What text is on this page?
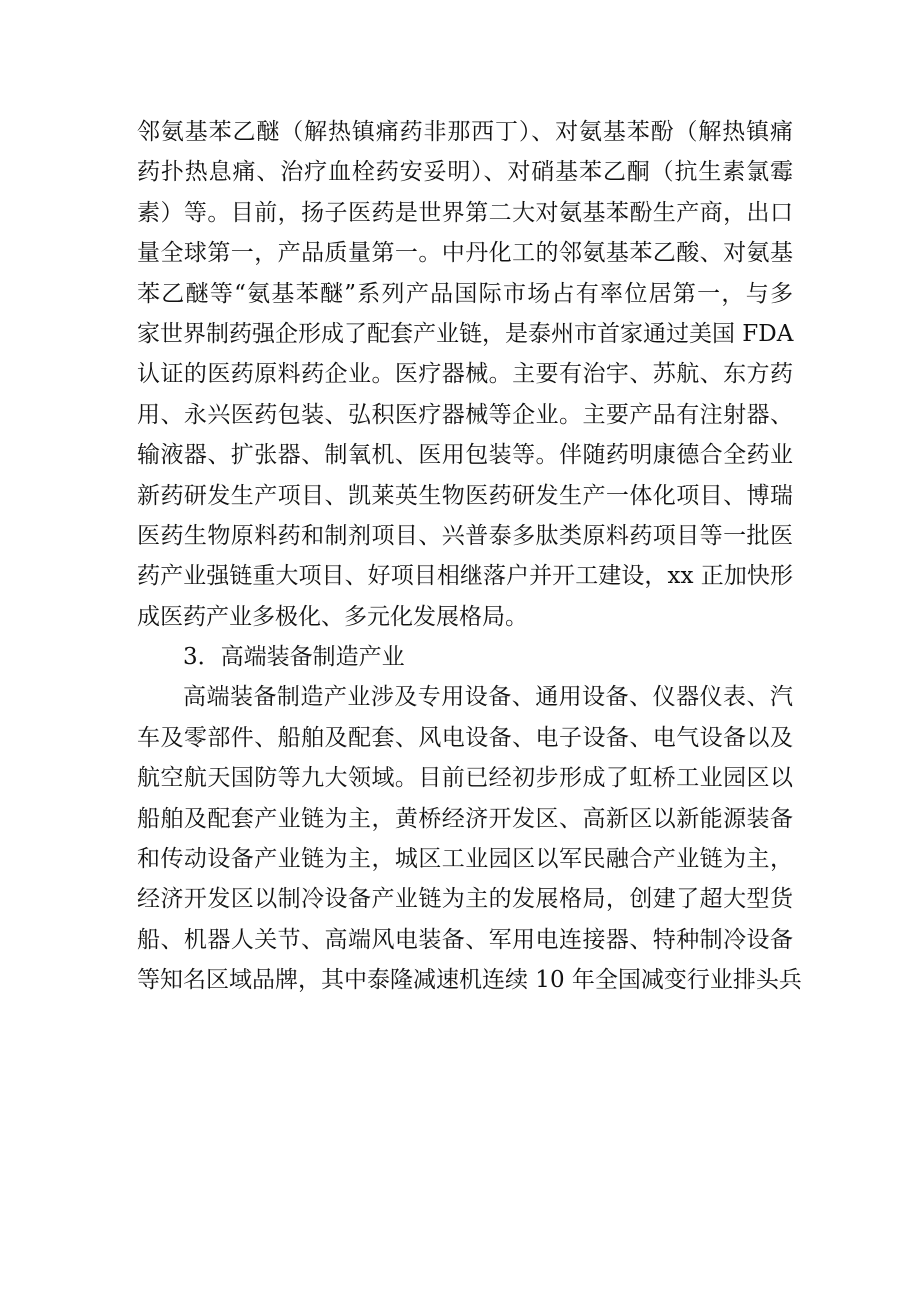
邻氨基苯乙醚（解热镇痛药非那西丁）、对氨基苯酚（解热镇痛
药扑热息痛、治疗血栓药安妥明）、对硝基苯乙酮（抗生素氯霉
素）等。目前，扬子医药是世界第二大对氨基苯酚生产商，出口
量全球第一，产品质量第一。中丹化工的邻氨基苯乙酸、对氨基
苯乙醚等“氨基苯醚”系列产品国际市场占有率位居第一，与多
家世界制药强企形成了配套产业链，是泰州市首家通过美国 FDA
认证的医药原料药企业。医疗器械。主要有治宇、苏航、东方药
用、永兴医药包装、弘积医疗器械等企业。主要产品有注射器、
输液器、扩张器、制氧机、医用包装等。伴随药明康德合全药业
新药研发生产项目、凯莱英生物医药研发生产一体化项目、博瑞
医药生物原料药和制剂项目、兴普泰多肽类原料药项目等一批医
药产业强链重大项目、好项目相继落户并开工建设，xx 正加快形
成医药产业多极化、多元化发展格局。
3．高端装备制造产业
高端装备制造产业涉及专用设备、通用设备、仪器仪表、汽
车及零部件、船舶及配套、风电设备、电子设备、电气设备以及
航空航天国防等九大领域。目前已经初步形成了虹桥工业园区以
船舶及配套产业链为主，黄桥经济开发区、高新区以新能源装备
和传动设备产业链为主，城区工业园区以军民融合产业链为主，
经济开发区以制冷设备产业链为主的发展格局，创建了超大型货
船、机器人关节、高端风电装备、军用电连接器、特种制冷设备
等知名区域品牌，其中泰隆减速机连续 10 年全国减变行业排头兵
